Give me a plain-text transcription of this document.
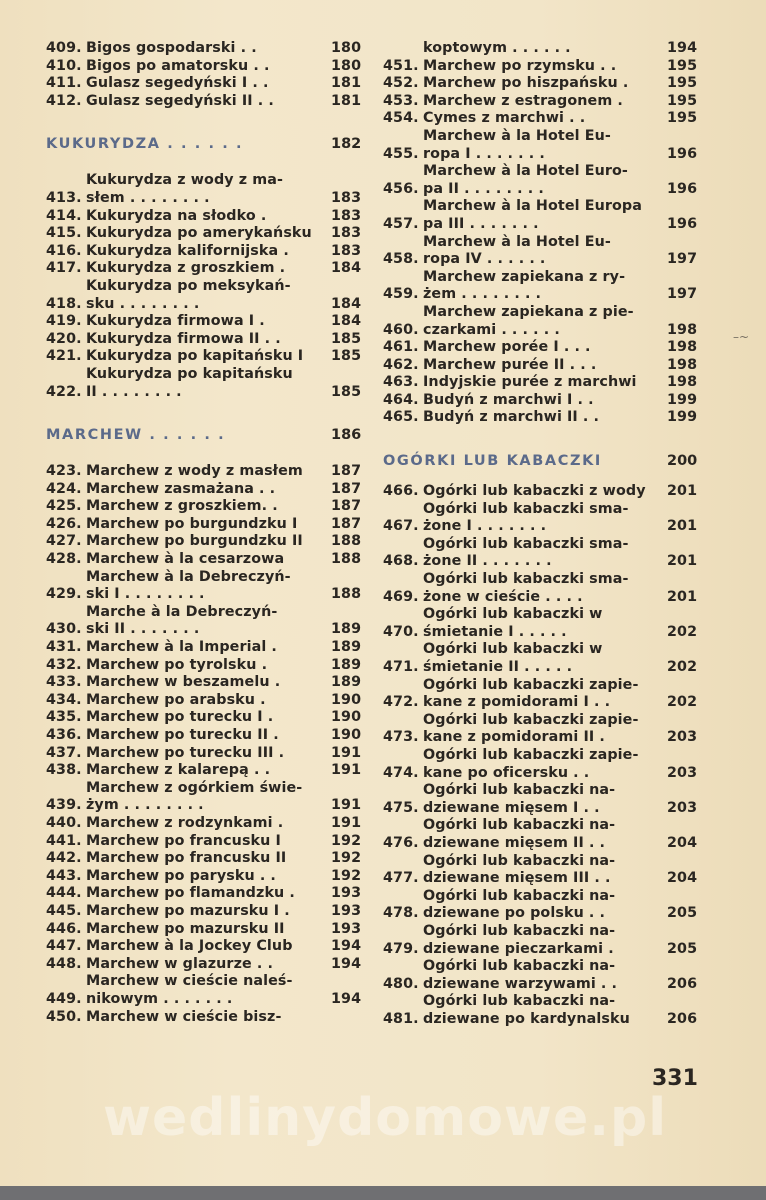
409. Bigos gospodarski . .	180
410. Bigos po amatorsku . .	180
411. Gulasz segedyński I . .	181
412. Gulasz segedyński II . .	181
KUKURYDZA . . . . . .	182
413.
Kukurydza z wody z ma-
słem . . . . . . . .	183
414. Kukurydza na słodko .	183
415. Kukurydza po amerykańsku	183
416. Kukurydza kalifornijska .	183
417. Kukurydza z groszkiem .	184
418.
Kukurydza po meksykań-
sku . . . . . . . .	184
419. Kukurydza firmowa I .	184
420. Kukurydza firmowa II . .	185
421. Kukurydza po kapitańsku I	185
422.
Kukurydza po kapitańsku
II . . . . . . . .	185
MARCHEW . . . . . .	186
423. Marchew z wody z masłem	187
424. Marchew zasmażana . .	187
425. Marchew z groszkiem. .	187
426. Marchew po burgundzku I	187
427. Marchew po burgundzku II	188
428. Marchew à la cesarzowa	188
429.
Marchew à la Debreczyń-
ski I . . . . . . . .	188
430.
Marche à la Debreczyń-
ski II . . . . . . .	189
431. Marchew à la Imperial .	189
432. Marchew po tyrolsku .	189
433. Marchew w beszamelu .	189
434. Marchew po arabsku .	190
435. Marchew po turecku I .	190
436. Marchew po turecku II .	190
437. Marchew po turecku III .	191
438. Marchew z kalarepą . .	191
439.
Marchew z ogórkiem świe-
żym . . . . . . . .	191
440. Marchew z rodzynkami .	191
441. Marchew po francusku I	192
442. Marchew po francusku II	192
443. Marchew po parysku . .	192
444. Marchew po flamandzku .	193
445. Marchew po mazursku I .	193
446. Marchew po mazursku II	193
447. Marchew à la Jockey Club	194
448. Marchew w glazurze . .	194
449.
Marchew w cieście naleś-
nikowym . . . . . . .	194
450. Marchew w cieście bisz-
koptowym . . . . . .	194
451. Marchew po rzymsku . .	195
452. Marchew po hiszpańsku .	195
453. Marchew z estragonem .	195
454. Cymes z marchwi . .	195
455.
Marchew à la Hotel Eu-
ropa I . . . . . . .	196
456.
Marchew à la Hotel Euro-
pa II . . . . . . . .	196
457.
Marchew à la Hotel Europa
pa III . . . . . . .	196
458.
Marchew à la Hotel Eu-
ropa IV . . . . . .	197
459.
Marchew zapiekana z ry-
żem . . . . . . . .	197
460.
Marchew zapiekana z pie-
czarkami . . . . . .	198
461. Marchew porée I . . .	198
462. Marchew purée II . . .	198
463. Indyjskie purée z marchwi	198
464. Budyń z marchwi I . .	199
465. Budyń z marchwi II . .	199
OGÓRKI LUB KABACZKI	200
466. Ogórki lub kabaczki z wody	201
467.
Ogórki lub kabaczki sma-
żone I . . . . . . .	201
468.
Ogórki lub kabaczki sma-
żone II . . . . . . .	201
469.
Ogórki lub kabaczki sma-
żone w cieście . . . .	201
470.
Ogórki lub kabaczki w
śmietanie I . . . . .	202
471.
Ogórki lub kabaczki w
śmietanie II . . . . .	202
472.
Ogórki lub kabaczki zapie-
kane z pomidorami I . .	202
473.
Ogórki lub kabaczki zapie-
kane z pomidorami II .	203
474.
Ogórki lub kabaczki zapie-
kane po oficersku . .	203
475.
Ogórki lub kabaczki na-
dziewane mięsem I . .	203
476.
Ogórki lub kabaczki na-
dziewane mięsem II . .	204
477.
Ogórki lub kabaczki na-
dziewane mięsem III . .	204
478.
Ogórki lub kabaczki na-
dziewane po polsku . .	205
479.
Ogórki lub kabaczki na-
dziewane pieczarkami .	205
480.
Ogórki lub kabaczki na-
dziewane warzywami . .	206
481.
Ogórki lub kabaczki na-
dziewane po kardynalsku	206
–~
331
wedlinydomowe.pl
